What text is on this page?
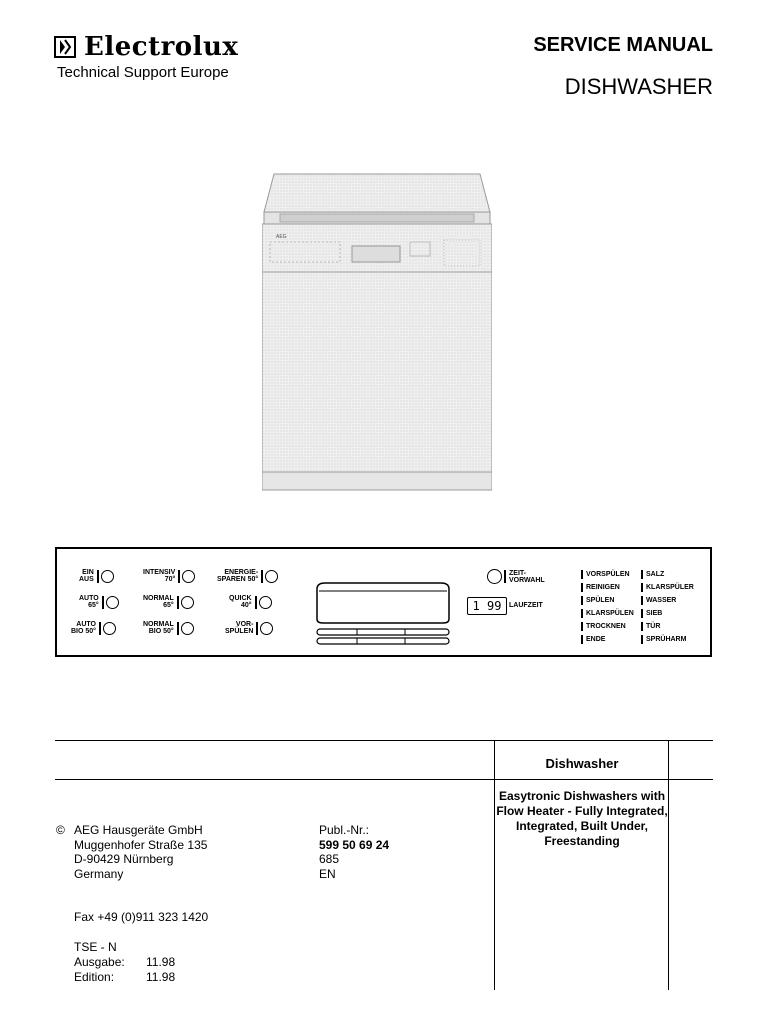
Electrolux
Technical Support Europe
SERVICE MANUAL
DISHWASHER
AEG
EIN
AUS
AUTO
65°
AUTO
BIO 50°
INTENSIV
70°
NORMAL
65°
NORMAL
BIO 50°
ENERGIE-
SPAREN 50°
QUICK
40°
VOR-
SPÜLEN
ZEIT-
VORWAHL
1 99	LAUFZEIT
VORSPÜLEN
REINIGEN
SPÜLEN
KLARSPÜLEN
TROCKNEN
ENDE
SALZ
KLARSPÜLER
WASSER
SIEB
TÜR
SPRÜHARM
Dishwasher
Easytronic Dishwashers with Flow Heater - Fully Integrated, Integrated, Built Under, Freestanding
© AEG Hausgeräte GmbH
Muggenhofer Straße 135
D-90429 Nürnberg
Germany
Publ.-Nr.:
599 50 69 24
685
EN
Fax +49 (0)911 323 1420
TSE - N
Ausgabe: 11.98
Edition:	11.98
